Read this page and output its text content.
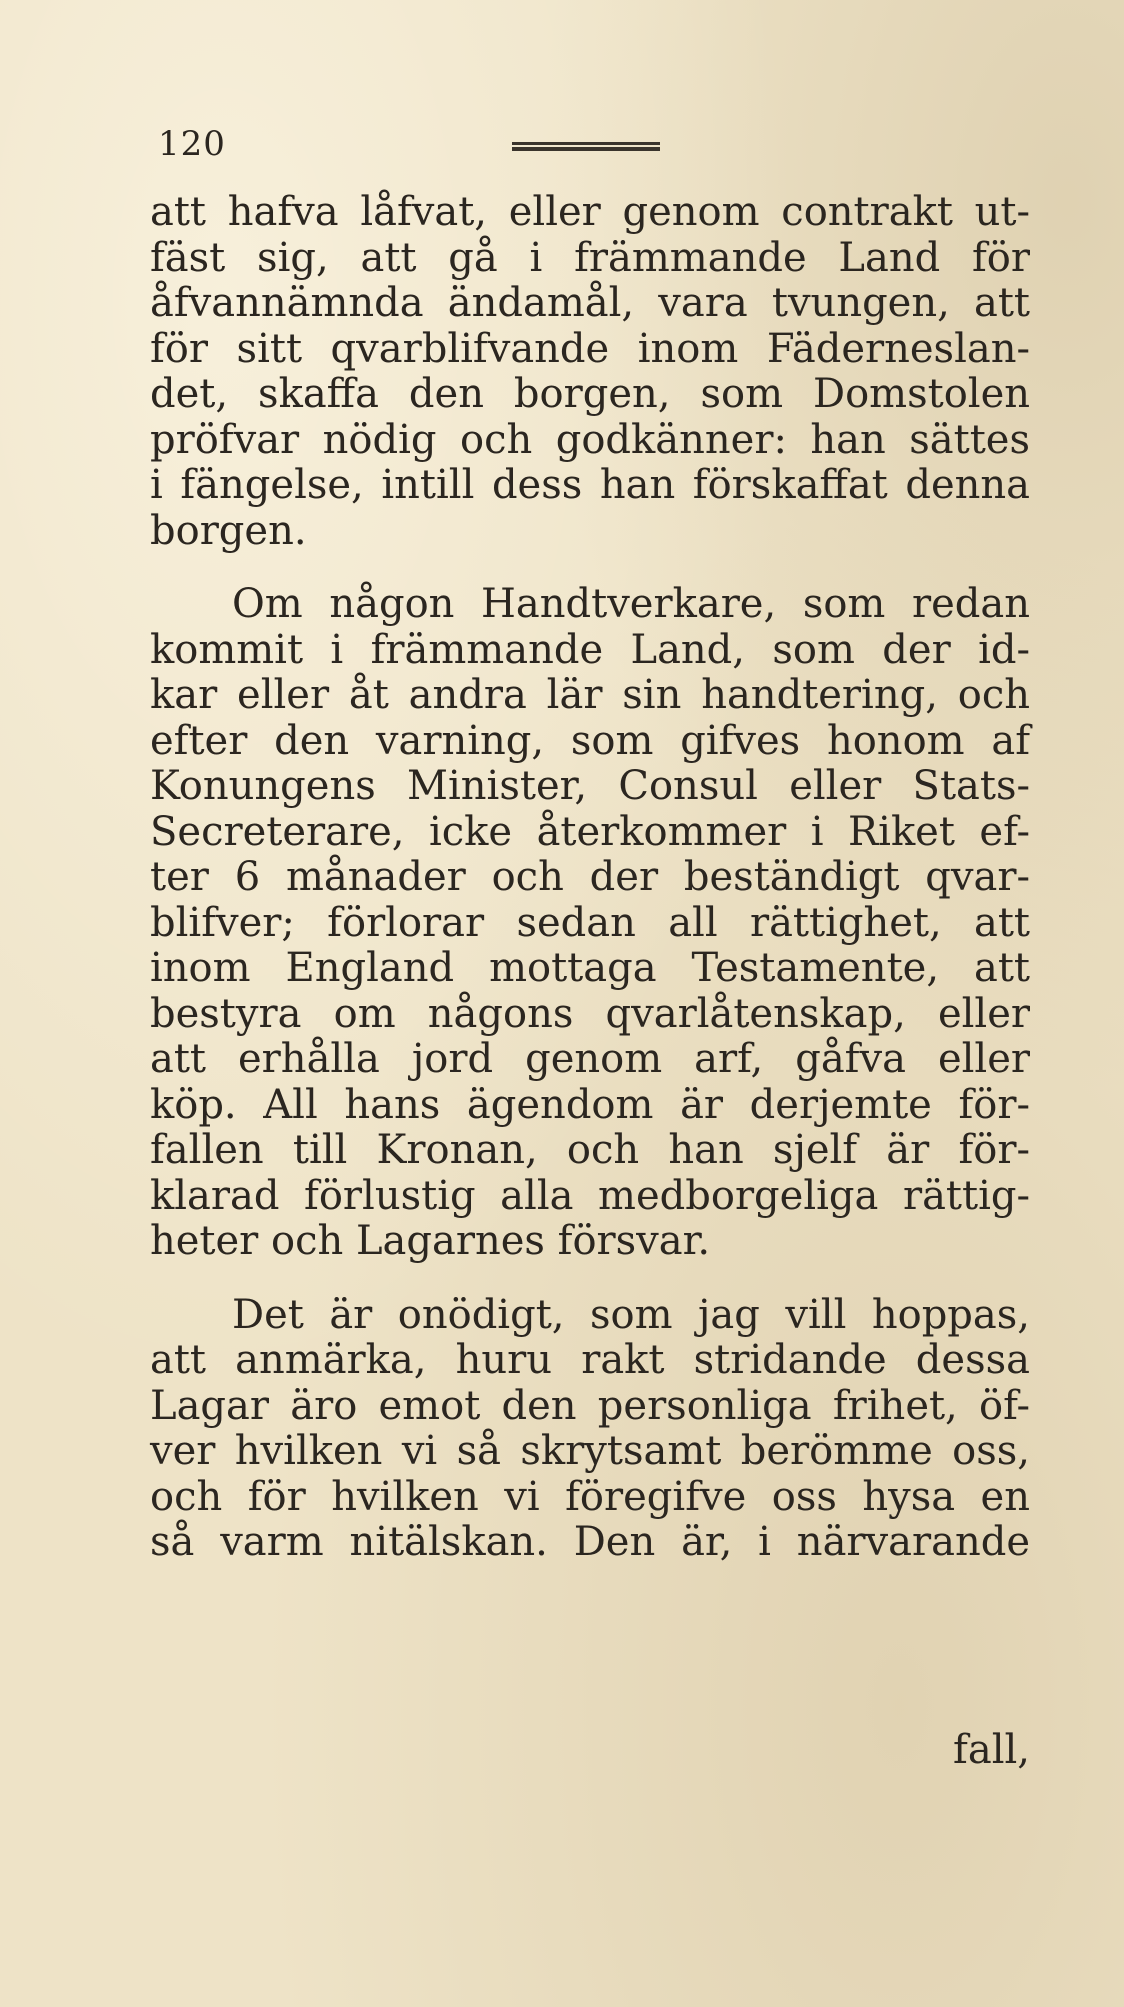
120
att hafva låfvat, eller genom contrakt ut-
fäst sig, att gå i främmande Land för
åfvannämnda ändamål, vara tvungen, att
för sitt qvarblifvande inom Fäderneslan-
det, skaffa den borgen, som Domstolen
pröfvar nödig och godkänner: han sättes
i fängelse, intill dess han förskaffat denna
borgen.
Om någon Handtverkare, som redan
kommit i främmande Land, som der id-
kar eller åt andra lär sin handtering, och
efter den varning, som gifves honom af
Konungens Minister, Consul eller Stats-
Secreterare, icke återkommer i Riket ef-
ter 6 månader och der beständigt qvar-
blifver; förlorar sedan all rättighet, att
inom England mottaga Testamente, att
bestyra om någons qvarlåtenskap, eller
att erhålla jord genom arf, gåfva eller
köp. All hans ägendom är derjemte för-
fallen till Kronan, och han sjelf är för-
klarad förlustig alla medborgeliga rättig-
heter och Lagarnes försvar.
Det är onödigt, som jag vill hoppas,
att anmärka, huru rakt stridande dessa
Lagar äro emot den personliga frihet, öf-
ver hvilken vi så skrytsamt berömme oss,
och för hvilken vi föregifve oss hysa en
så varm nitälskan. Den är, i närvarande
fall,
